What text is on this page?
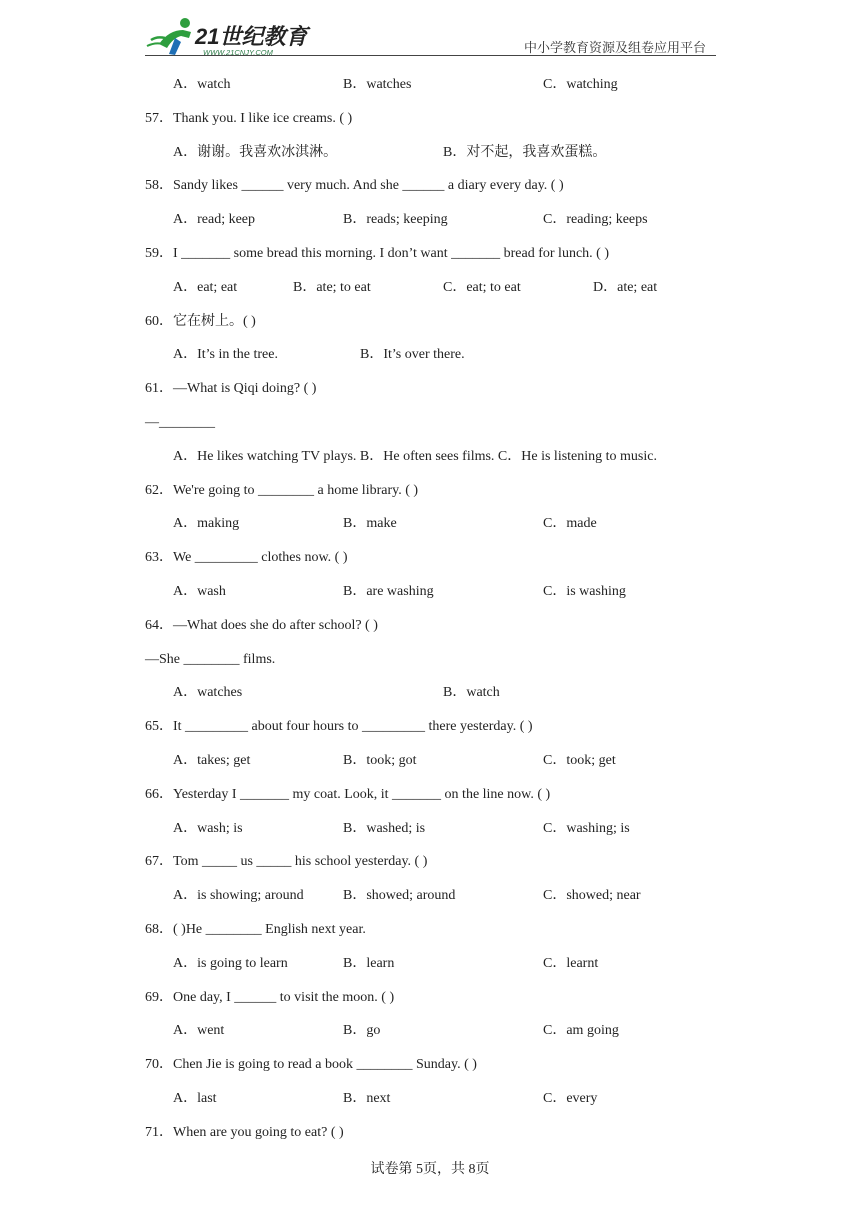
21世纪教育
WWW.21CNJY.COM	中小学教育资源及组卷应用平台
A．watch	B．watches	C．watching
57．Thank you. I like ice creams. ( )
A．谢谢。我喜欢冰淇淋。	B．对不起，我喜欢蛋糕。
58．Sandy likes ______ very much. And she ______ a diary every day. ( )
A．read; keep	B．reads; keeping	C．reading; keeps
59．I _______ some bread this morning. I don’t want _______ bread for lunch. ( )
A．eat; eat	B．ate; to eat	C．eat; to eat	D．ate; eat
60．它在树上。( )
A．It’s in the tree.	B．It’s over there.
61．—What is Qiqi doing? ( )
—________
A．He likes watching TV plays. B．He often sees films. C．He is listening to music.
62．We're going to ________ a home library. ( )
A．making	B．make	C．made
63．We _________ clothes now. ( )
A．wash	B．are washing	C．is washing
64．—What does she do after school? ( )
—She ________ films.
A．watches	B．watch
65．It _________ about four hours to _________ there yesterday. ( )
A．takes; get	B．took; got	C．took; get
66．Yesterday I _______ my coat. Look, it _______ on the line now. ( )
A．wash; is	B．washed; is	C．washing; is
67．Tom _____ us _____ his school yesterday. ( )
A．is showing; around	B．showed; around	C．showed; near
68．( )He ________ English next year.
A．is going to learn	B．learn	C．learnt
69．One day, I ______ to visit the moon. ( )
A．went	B．go	C．am going
70．Chen Jie is going to read a book ________ Sunday. ( )
A．last	B．next	C．every
71．When are you going to eat? ( )
试卷第 5页，共 8页
